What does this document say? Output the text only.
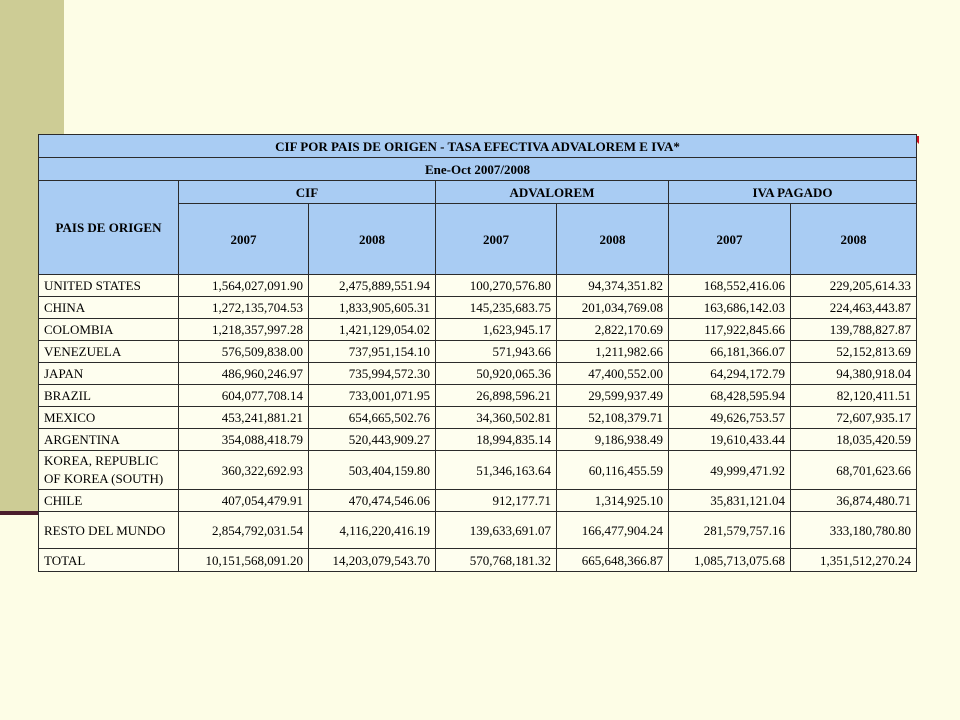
CIF POR PAIS DE ORIGEN - TASA EFECTIVA ADVALOREM E IVA*						
Ene-Oct 2007/2008						
PAIS DE ORIGEN	CIF		ADVALOREM		IVA PAGADO	
	2007	2008	2007	2008	2007	2008
UNITED STATES	1,564,027,091.90	2,475,889,551.94	100,270,576.80	94,374,351.82	168,552,416.06	229,205,614.33
CHINA	1,272,135,704.53	1,833,905,605.31	145,235,683.75	201,034,769.08	163,686,142.03	224,463,443.87
COLOMBIA	1,218,357,997.28	1,421,129,054.02	1,623,945.17	2,822,170.69	117,922,845.66	139,788,827.87
VENEZUELA	576,509,838.00	737,951,154.10	571,943.66	1,211,982.66	66,181,366.07	52,152,813.69
JAPAN	486,960,246.97	735,994,572.30	50,920,065.36	47,400,552.00	64,294,172.79	94,380,918.04
BRAZIL	604,077,708.14	733,001,071.95	26,898,596.21	29,599,937.49	68,428,595.94	82,120,411.51
MEXICO	453,241,881.21	654,665,502.76	34,360,502.81	52,108,379.71	49,626,753.57	72,607,935.17
ARGENTINA	354,088,418.79	520,443,909.27	18,994,835.14	9,186,938.49	19,610,433.44	18,035,420.59
KOREA, REPUBLIC OF KOREA (SOUTH)	360,322,692.93	503,404,159.80	51,346,163.64	60,116,455.59	49,999,471.92	68,701,623.66
CHILE	407,054,479.91	470,474,546.06	912,177.71	1,314,925.10	35,831,121.04	36,874,480.71
RESTO DEL MUNDO	2,854,792,031.54	4,116,220,416.19	139,633,691.07	166,477,904.24	281,579,757.16	333,180,780.80
TOTAL	10,151,568,091.20	14,203,079,543.70	570,768,181.32	665,648,366.87	1,085,713,075.68	1,351,512,270.24
